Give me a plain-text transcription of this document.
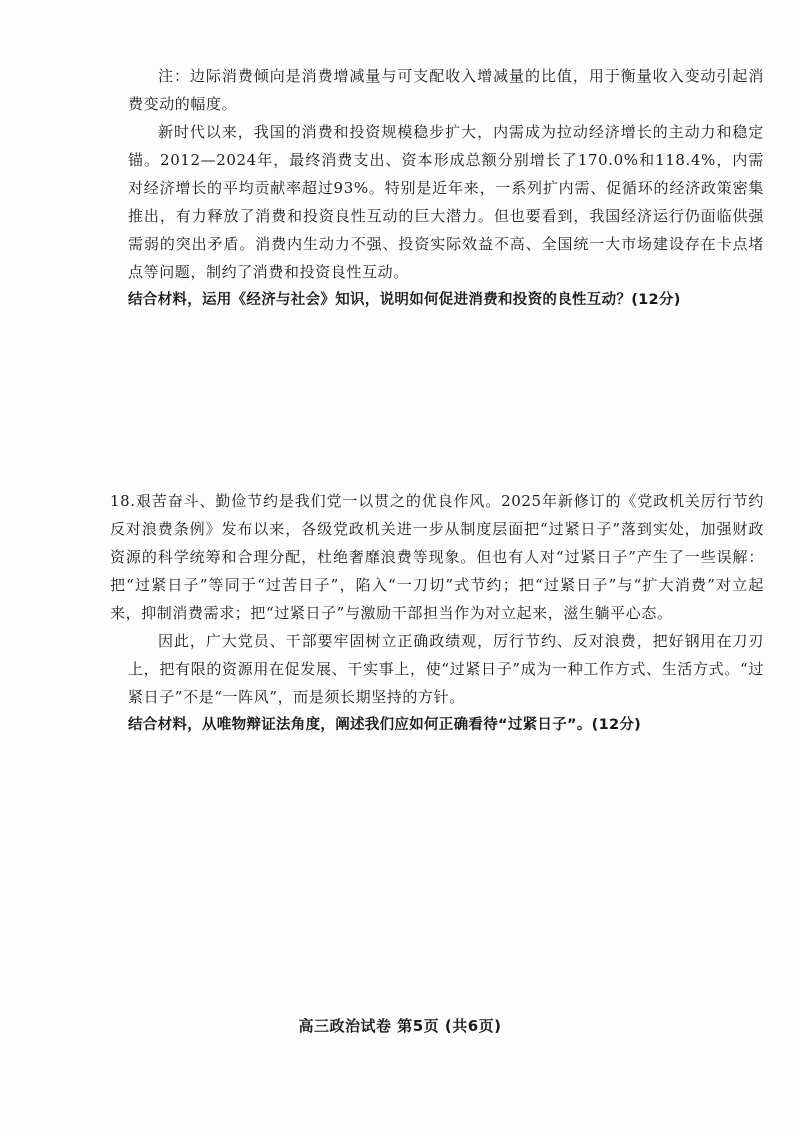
注：边际消费倾向是消费增减量与可支配收入增减量的比值，用于衡量收入变动引起消费变动的幅度。

新时代以来，我国的消费和投资规模稳步扩大，内需成为拉动经济增长的主动力和稳定锚。2012—2024年，最终消费支出、资本形成总额分别增长了170.0%和118.4%，内需对经济增长的平均贡献率超过93%。特别是近年来，一系列扩内需、促循环的经济政策密集推出，有力释放了消费和投资良性互动的巨大潜力。但也要看到，我国经济运行仍面临供强需弱的突出矛盾。消费内生动力不强、投资实际效益不高、全国统一大市场建设存在卡点堵点等问题，制约了消费和投资良性互动。

结合材料，运用《经济与社会》知识，说明如何促进消费和投资的良性互动？(12分)

18.艰苦奋斗、勤俭节约是我们党一以贯之的优良作风。2025年新修订的《党政机关厉行节约反对浪费条例》发布以来，各级党政机关进一步从制度层面把“过紧日子”落到实处，加强财政资源的科学统筹和合理分配，杜绝奢靡浪费等现象。但也有人对“过紧日子”产生了一些误解：把“过紧日子”等同于“过苦日子”，陷入“一刀切”式节约；把“过紧日子”与“扩大消费”对立起来，抑制消费需求；把“过紧日子”与激励干部担当作为对立起来，滋生躺平心态。

因此，广大党员、干部要牢固树立正确政绩观，厉行节约、反对浪费，把好钢用在刀刃上，把有限的资源用在促发展、干实事上，使“过紧日子”成为一种工作方式、生活方式。“过紧日子”不是“一阵风”，而是须长期坚持的方针。

结合材料，从唯物辩证法角度，阐述我们应如何正确看待“过紧日子”。(12分)

高三政治试卷 第5页 (共6页)
